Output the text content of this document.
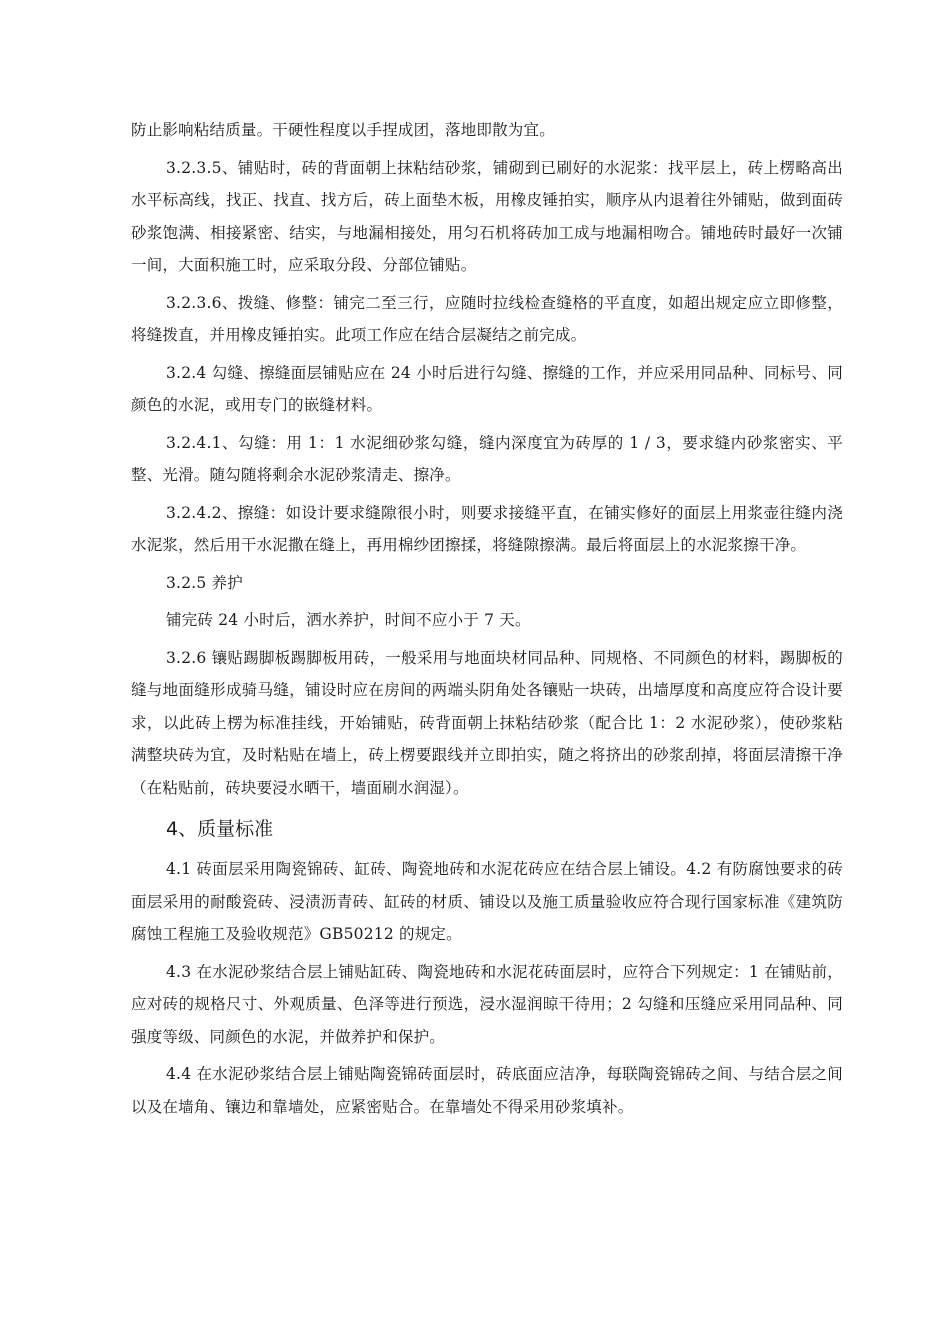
防止影响粘结质量。干硬性程度以手捏成团，落地即散为宜。

3.2.3.5、铺贴时，砖的背面朝上抹粘结砂浆，铺砌到已刷好的水泥浆：找平层上，砖上楞略高出水平标高线，找正、找直、找方后，砖上面垫木板，用橡皮锤拍实，顺序从内退着往外铺贴，做到面砖砂浆饱满、相接紧密、结实，与地漏相接处，用匀石机将砖加工成与地漏相吻合。铺地砖时最好一次铺一间，大面积施工时，应采取分段、分部位铺贴。

3.2.3.6、拨缝、修整：铺完二至三行，应随时拉线检查缝格的平直度，如超出规定应立即修整，将缝拨直，并用橡皮锤拍实。此项工作应在结合层凝结之前完成。

3.2.4 勾缝、擦缝面层铺贴应在 24 小时后进行勾缝、擦缝的工作，并应采用同品种、同标号、同颜色的水泥，或用专门的嵌缝材料。

3.2.4.1、勾缝：用 1：1 水泥细砂浆勾缝，缝内深度宜为砖厚的 1 / 3，要求缝内砂浆密实、平整、光滑。随勾随将剩余水泥砂浆清走、擦净。

3.2.4.2、擦缝：如设计要求缝隙很小时，则要求接缝平直，在铺实修好的面层上用浆壶往缝内浇水泥浆，然后用干水泥撒在缝上，再用棉纱团擦揉，将缝隙擦满。最后将面层上的水泥浆擦干净。

3.2.5 养护

铺完砖 24 小时后，洒水养护，时间不应小于 7 天。

3.2.6 镶贴踢脚板踢脚板用砖，一般采用与地面块材同品种、同规格、不同颜色的材料，踢脚板的缝与地面缝形成骑马缝，铺设时应在房间的两端头阴角处各镶贴一块砖，出墙厚度和高度应符合设计要求，以此砖上楞为标准挂线，开始铺贴，砖背面朝上抹粘结砂浆（配合比 1：2 水泥砂浆），使砂浆粘满整块砖为宜，及时粘贴在墙上，砖上楞要跟线并立即拍实，随之将挤出的砂浆刮掉，将面层清擦干净（在粘贴前，砖块要浸水晒干，墙面刷水润湿）。

4、质量标准

4.1 砖面层采用陶瓷锦砖、缸砖、陶瓷地砖和水泥花砖应在结合层上铺设。4.2 有防腐蚀要求的砖面层采用的耐酸瓷砖、浸渍沥青砖、缸砖的材质、铺设以及施工质量验收应符合现行国家标准《建筑防腐蚀工程施工及验收规范》GB50212 的规定。

4.3 在水泥砂浆结合层上铺贴缸砖、陶瓷地砖和水泥花砖面层时，应符合下列规定：1 在铺贴前，应对砖的规格尺寸、外观质量、色泽等进行预选，浸水湿润晾干待用；2 勾缝和压缝应采用同品种、同强度等级、同颜色的水泥，并做养护和保护。

4.4 在水泥砂浆结合层上铺贴陶瓷锦砖面层时，砖底面应洁净，每联陶瓷锦砖之间、与结合层之间以及在墙角、镶边和靠墙处，应紧密贴合。在靠墙处不得采用砂浆填补。
